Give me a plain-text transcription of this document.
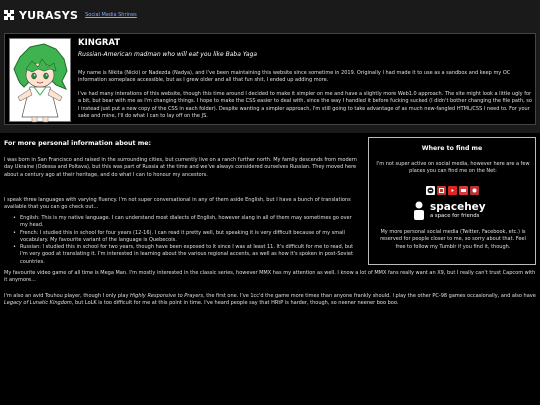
YURASYS Social Media Shrines
KINGRAT
Russian-American madman who will eat you like Baba Yaga

My name is Nikita (Nicki) or Nadezda (Nadya), and I've been maintaining this website since sometime in 2019. Originally I had made it to use as a sandbox and keep my OC information someplace accessible, but as I grew older and all that fun shit, I ended up adding more.

I've had many interations of this website, though this time around I decided to make it simpler on me and have a slightly more Web1.0 approach. The site might look a little ugly for a bit, but bear with me as I'm changing things. I hope to make the CSS easier to deal with, since the way I handled it before fucking sucked (I didn't bother changing the file path, so I instead just put a new copy of the CSS in each folder). Despite wanting a simpler approach, I'm still going to take advantage of as much new-fangled HTML/CSS I need to. For your sake and mine, I'll do what I can to lay off on the JS.

For more personal information about me:

I was born in San Francisco and raised in the surrounding cities, but currently live on a ranch further north. My family descends from modern day Ukraine (Odessa and Poltava), but this was part of Russia at the time and we've always considered ourselves Russian. They moved here about a century ago at their heritage, and do what I can to honour my ancestors.

I speak three languages with varying fluency. I'm not super conversational in any of them aside English, but I have a bunch of translations available that you can go check out...

• English: This is my native language. I can understand most dialects of English, however slang in all of them may sometimes go over my head.
• French: I studied this in school for four years (12-16). I can read it pretty well, but speaking it is very difficult because of my small vocabulary. My favourite variant of the language is Quebecois.
• Russian: I studied this in school for two years, though have been exposed to it since I was at least 11. It's difficult for me to read, but I'm very good at translating it. I'm interested in learning about the various regional accents, as well as how it's spoken in post-Soviet countries.

My favourite video game of all time is Mega Man. I'm mostly interested in the classic series, however MMX has my attention as well. I know a lot of MMX fans really want an X9, but I really can't trust Capcom with it anymore...

I'm also an avid Touhou player, though I only play Highly Responsive to Prayers, the first one. I've 1cc'd the game more times than anyone frankly should. I play the other PC-98 games occasionally, and also have Legacy of Lunatic Kingdom, but LoLK is too difficult for me at this point in time. I've heard people say that HRtP is harder, though, so neener neener boo boo.

Where to find me

I'm not super active on social media, however here are a few places you can find me on the Net:

spacehey
a space for friends

My more personal social media (Twitter, Facebook, etc.) is reserved for people closer to me, so sorry about that. Feel free to follow my Tumblr if you find it, though.
